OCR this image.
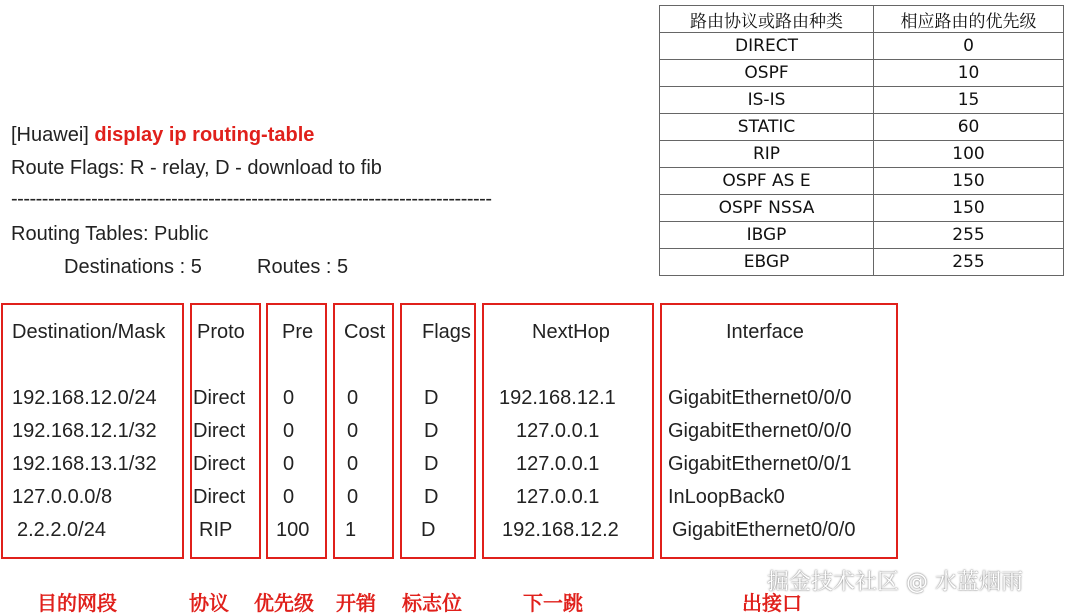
[Huawei] display ip routing-table
Route Flags: R - relay, D - download to fib
------------------------------------------------------------------------------
Routing Tables: Public
Destinations : 5	Routes : 5
路由协议或路由种类	相应路由的优先级
DIRECT	0
OSPF	10
IS-IS	15
STATIC	60
RIP	100
OSPF AS E	150
OSPF NSSA	150
IBGP	255
EBGP	255
Destination/Mask Proto Pre Cost Flags	NextHop	Interface
192.168.12.0/24 Direct 0	0	D	192.168.12.1	GigabitEthernet0/0/0
192.168.12.1/32 Direct 0	0	D	127.0.0.1	GigabitEthernet0/0/0
192.168.13.1/32 Direct 0	0	D	127.0.0.1	GigabitEthernet0/0/1
127.0.0.0/8	Direct 0	0	D	127.0.0.1	InLoopBack0
2.2.2.0/24	RIP 100 1	D	192.168.12.2	GigabitEthernet0/0/0
掘金技术社区 @ 水蓝烟雨
目的网段	协议 优先级 开销 标志位	下一跳	出接口
